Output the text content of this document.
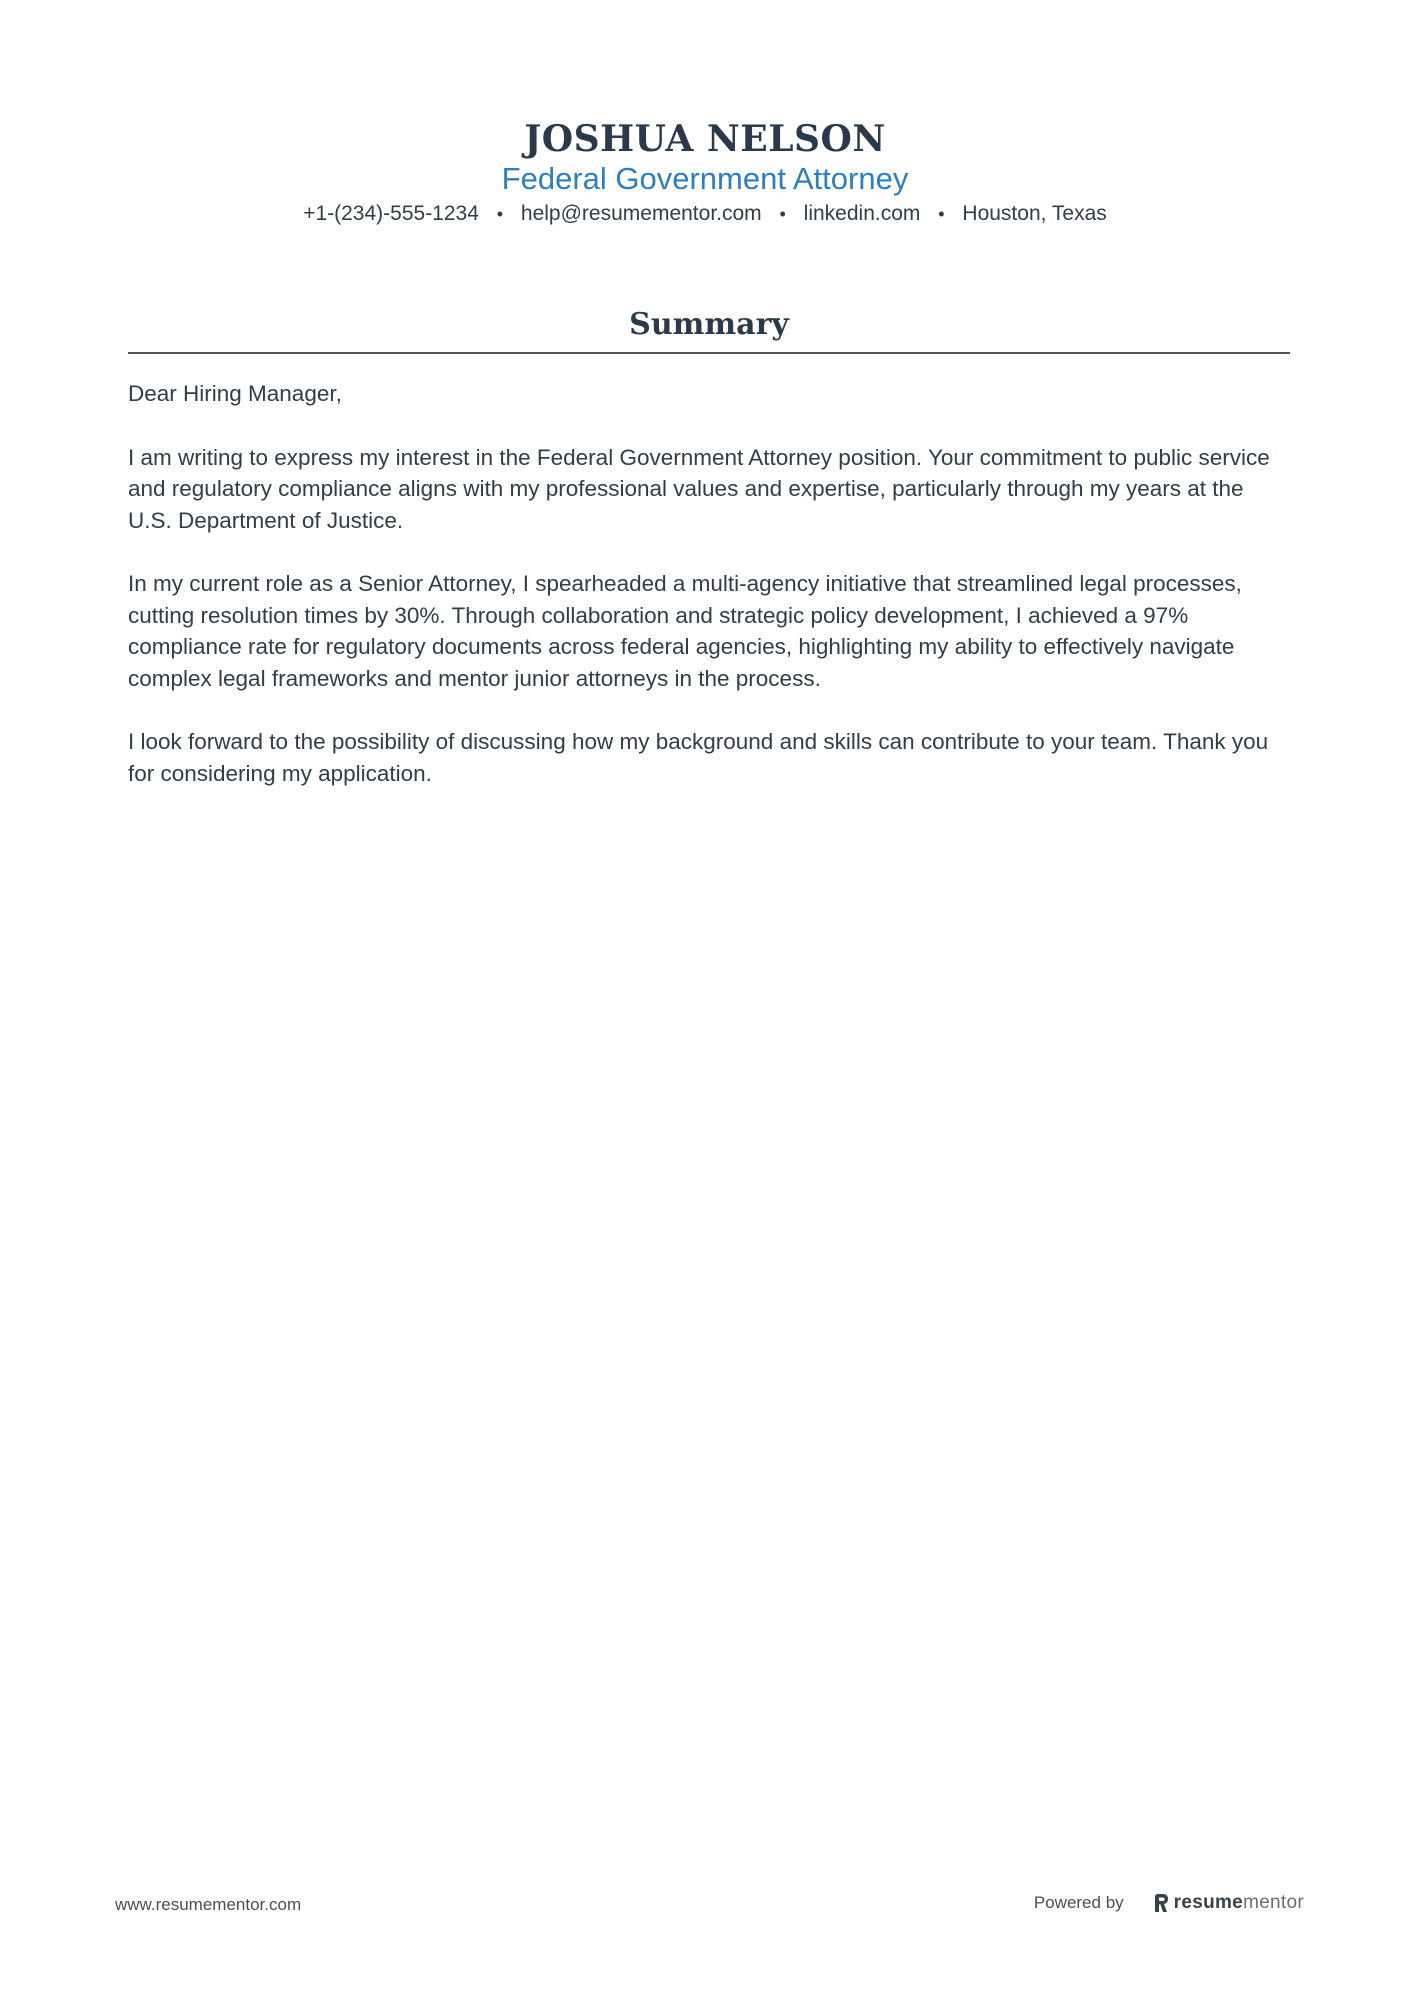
JOSHUA NELSON
Federal Government Attorney
+1-(234)-555-1234 • help@resumementor.com • linkedin.com • Houston, Texas
Summary

Dear Hiring Manager,

I am writing to express my interest in the Federal Government Attorney position. Your commitment to public service and regulatory compliance aligns with my professional values and expertise, particularly through my years at the U.S. Department of Justice.

In my current role as a Senior Attorney, I spearheaded a multi-agency initiative that streamlined legal processes, cutting resolution times by 30%. Through collaboration and strategic policy development, I achieved a 97% compliance rate for regulatory documents across federal agencies, highlighting my ability to effectively navigate complex legal frameworks and mentor junior attorneys in the process.

I look forward to the possibility of discussing how my background and skills can contribute to your team. Thank you for considering my application.

www.resumementor.com	Powered by	resume mentor
